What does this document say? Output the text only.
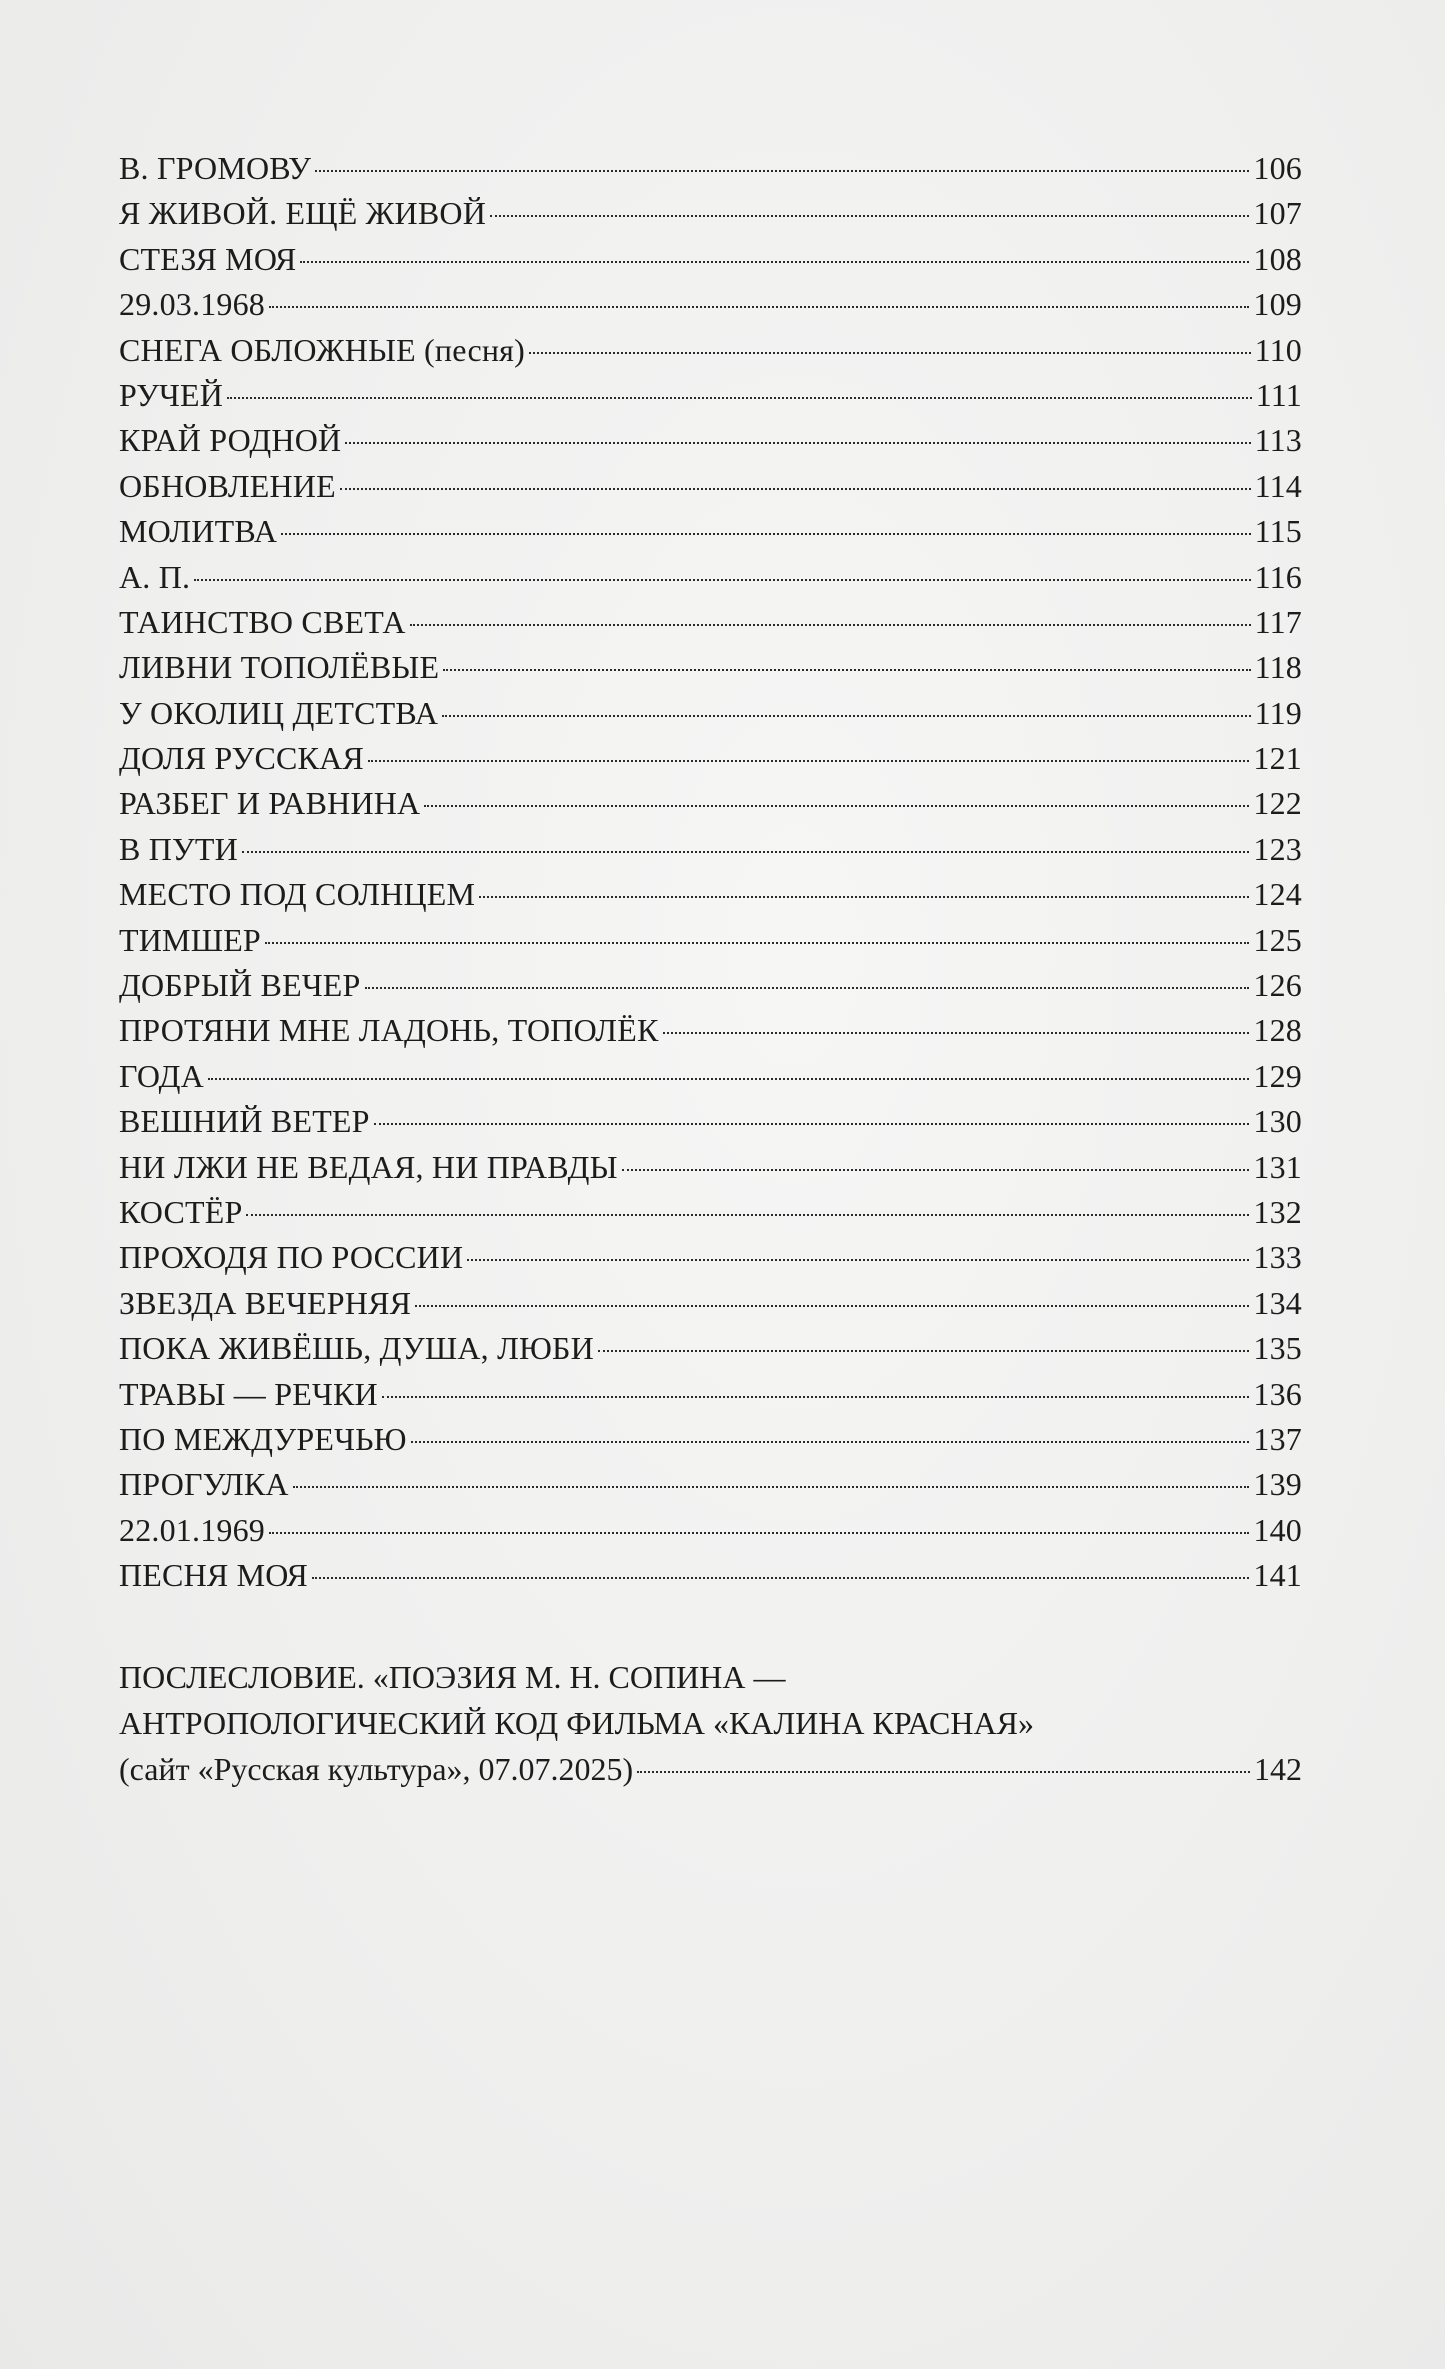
В. ГРОМОВУ	106
Я ЖИВОЙ. ЕЩЁ ЖИВОЙ	107
СТЕЗЯ МОЯ	108
29.03.1968	109
СНЕГА ОБЛОЖНЫЕ (песня)	110
РУЧЕЙ	111
КРАЙ РОДНОЙ	113
ОБНОВЛЕНИЕ	114
МОЛИТВА	115
А. П.	116
ТАИНСТВО СВЕТА	117
ЛИВНИ ТОПОЛЁВЫЕ	118
У ОКОЛИЦ ДЕТСТВА	119
ДОЛЯ РУССКАЯ	121
РАЗБЕГ И РАВНИНА	122
В ПУТИ	123
МЕСТО ПОД СОЛНЦЕМ	124
ТИМШЕР	125
ДОБРЫЙ ВЕЧЕР	126
ПРОТЯНИ МНЕ ЛАДОНЬ, ТОПОЛЁК	128
ГОДА	129
ВЕШНИЙ ВЕТЕР	130
НИ ЛЖИ НЕ ВЕДАЯ, НИ ПРАВДЫ	131
КОСТЁР	132
ПРОХОДЯ ПО РОССИИ	133
ЗВЕЗДА ВЕЧЕРНЯЯ	134
ПОКА ЖИВЁШЬ, ДУША, ЛЮБИ	135
ТРАВЫ — РЕЧКИ	136
ПО МЕЖДУРЕЧЬЮ	137
ПРОГУЛКА	139
22.01.1969	140
ПЕСНЯ МОЯ	141
ПОСЛЕСЛОВИЕ. «ПОЭЗИЯ М. Н. СОПИНА —
АНТРОПОЛОГИЧЕСКИЙ КОД ФИЛЬМА «КАЛИНА КРАСНАЯ»
(сайт «Русская культура», 07.07.2025)	142
